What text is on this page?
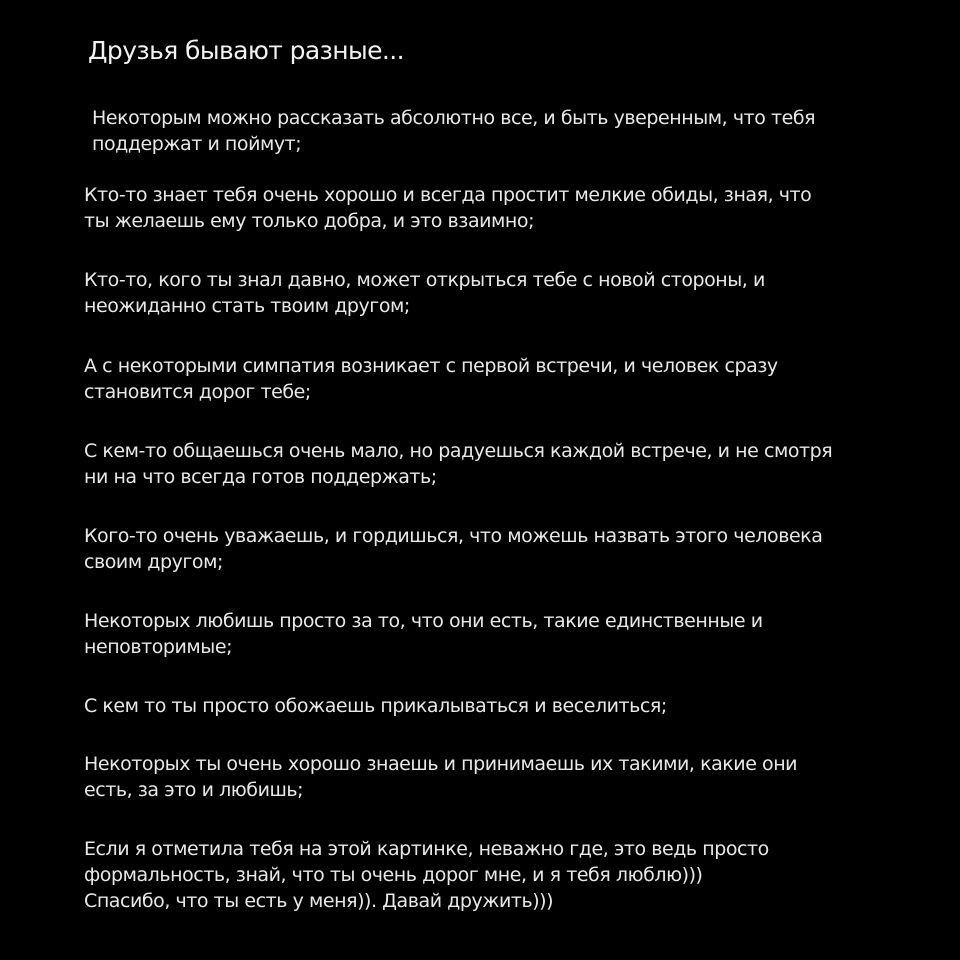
Друзья бывают разные...
Некоторым можно рассказать абсолютно все, и быть уверенным, что тебя
поддержат и поймут;
Кто-то знает тебя очень хорошо и всегда простит мелкие обиды, зная, что
ты желаешь ему только добра, и это взаимно;
Кто-то, кого ты знал давно, может открыться тебе с новой стороны, и
неожиданно стать твоим другом;
А с некоторыми симпатия возникает с первой встречи, и человек сразу
становится дорог тебе;
С кем-то общаешься очень мало, но радуешься каждой встрече, и не смотря
ни на что всегда готов поддержать;
Кого-то очень уважаешь, и гордишься, что можешь назвать этого человека
своим другом;
Некоторых любишь просто за то, что они есть, такие единственные и
неповторимые;
С кем то ты просто обожаешь прикалываться и веселиться;
Некоторых ты очень хорошо знаешь и принимаешь их такими, какие они
есть, за это и любишь;
Если я отметила тебя на этой картинке, неважно где, это ведь просто
формальность, знай, что ты очень дорог мне, и я тебя люблю)))
Спасибо, что ты есть у меня)). Давай дружить)))
